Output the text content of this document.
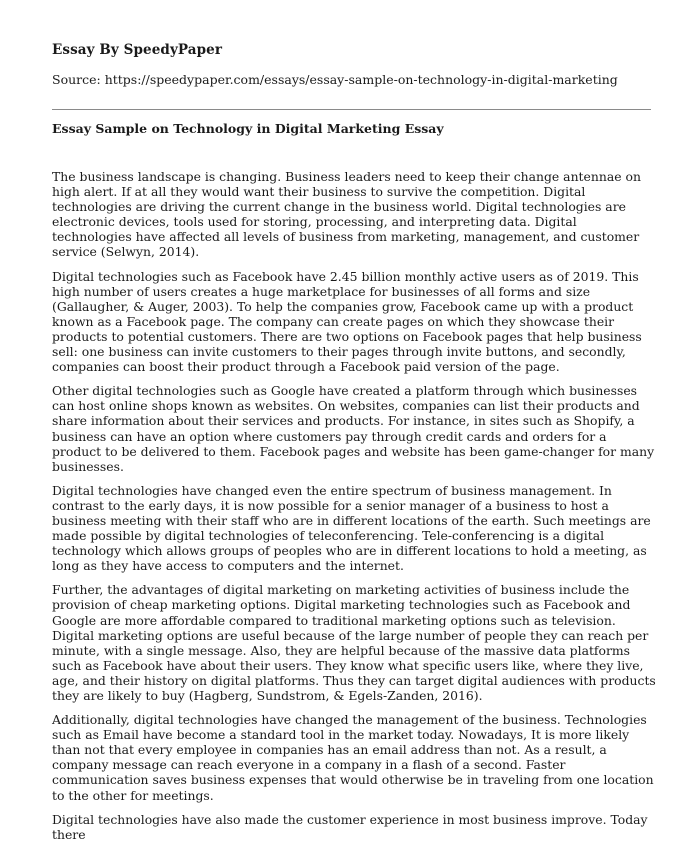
Essay By SpeedyPaper
Source: https://speedypaper.com/essays/essay-sample-on-technology-in-digital-marketing
Essay Sample on Technology in Digital Marketing Essay

The business landscape is changing. Business leaders need to keep their change antennae on high alert. If at all they would want their business to survive the competition. Digital technologies are driving the current change in the business world. Digital technologies are electronic devices, tools used for storing, processing, and interpreting data. Digital technologies have affected all levels of business from marketing, management, and customer service (Selwyn, 2014).

Digital technologies such as Facebook have 2.45 billion monthly active users as of 2019. This high number of users creates a huge marketplace for businesses of all forms and size (Gallaugher, & Auger, 2003). To help the companies grow, Facebook came up with a product known as a Facebook page. The company can create pages on which they showcase their products to potential customers. There are two options on Facebook pages that help business sell: one business can invite customers to their pages through invite buttons, and secondly, companies can boost their product through a Facebook paid version of the page.

Other digital technologies such as Google have created a platform through which businesses can host online shops known as websites. On websites, companies can list their products and share information about their services and products. For instance, in sites such as Shopify, a business can have an option where customers pay through credit cards and orders for a product to be delivered to them. Facebook pages and website has been game-changer for many businesses.

Digital technologies have changed even the entire spectrum of business management. In contrast to the early days, it is now possible for a senior manager of a business to host a business meeting with their staff who are in different locations of the earth. Such meetings are made possible by digital technologies of teleconferencing. Tele-conferencing is a digital technology which allows groups of peoples who are in different locations to hold a meeting, as long as they have access to computers and the internet.

Further, the advantages of digital marketing on marketing activities of business include the provision of cheap marketing options. Digital marketing technologies such as Facebook and Google are more affordable compared to traditional marketing options such as television. Digital marketing options are useful because of the large number of people they can reach per minute, with a single message. Also, they are helpful because of the massive data platforms such as Facebook have about their users. They know what specific users like, where they live, age, and their history on digital platforms. Thus they can target digital audiences with products they are likely to buy (Hagberg, Sundstrom, & Egels-Zanden, 2016).

Additionally, digital technologies have changed the management of the business. Technologies such as Email have become a standard tool in the market today. Nowadays, It is more likely than not that every employee in companies has an email address than not. As a result, a company message can reach everyone in a company in a flash of a second. Faster communication saves business expenses that would otherwise be in traveling from one location to the other for meetings.

Digital technologies have also made the customer experience in most business improve. Today there
